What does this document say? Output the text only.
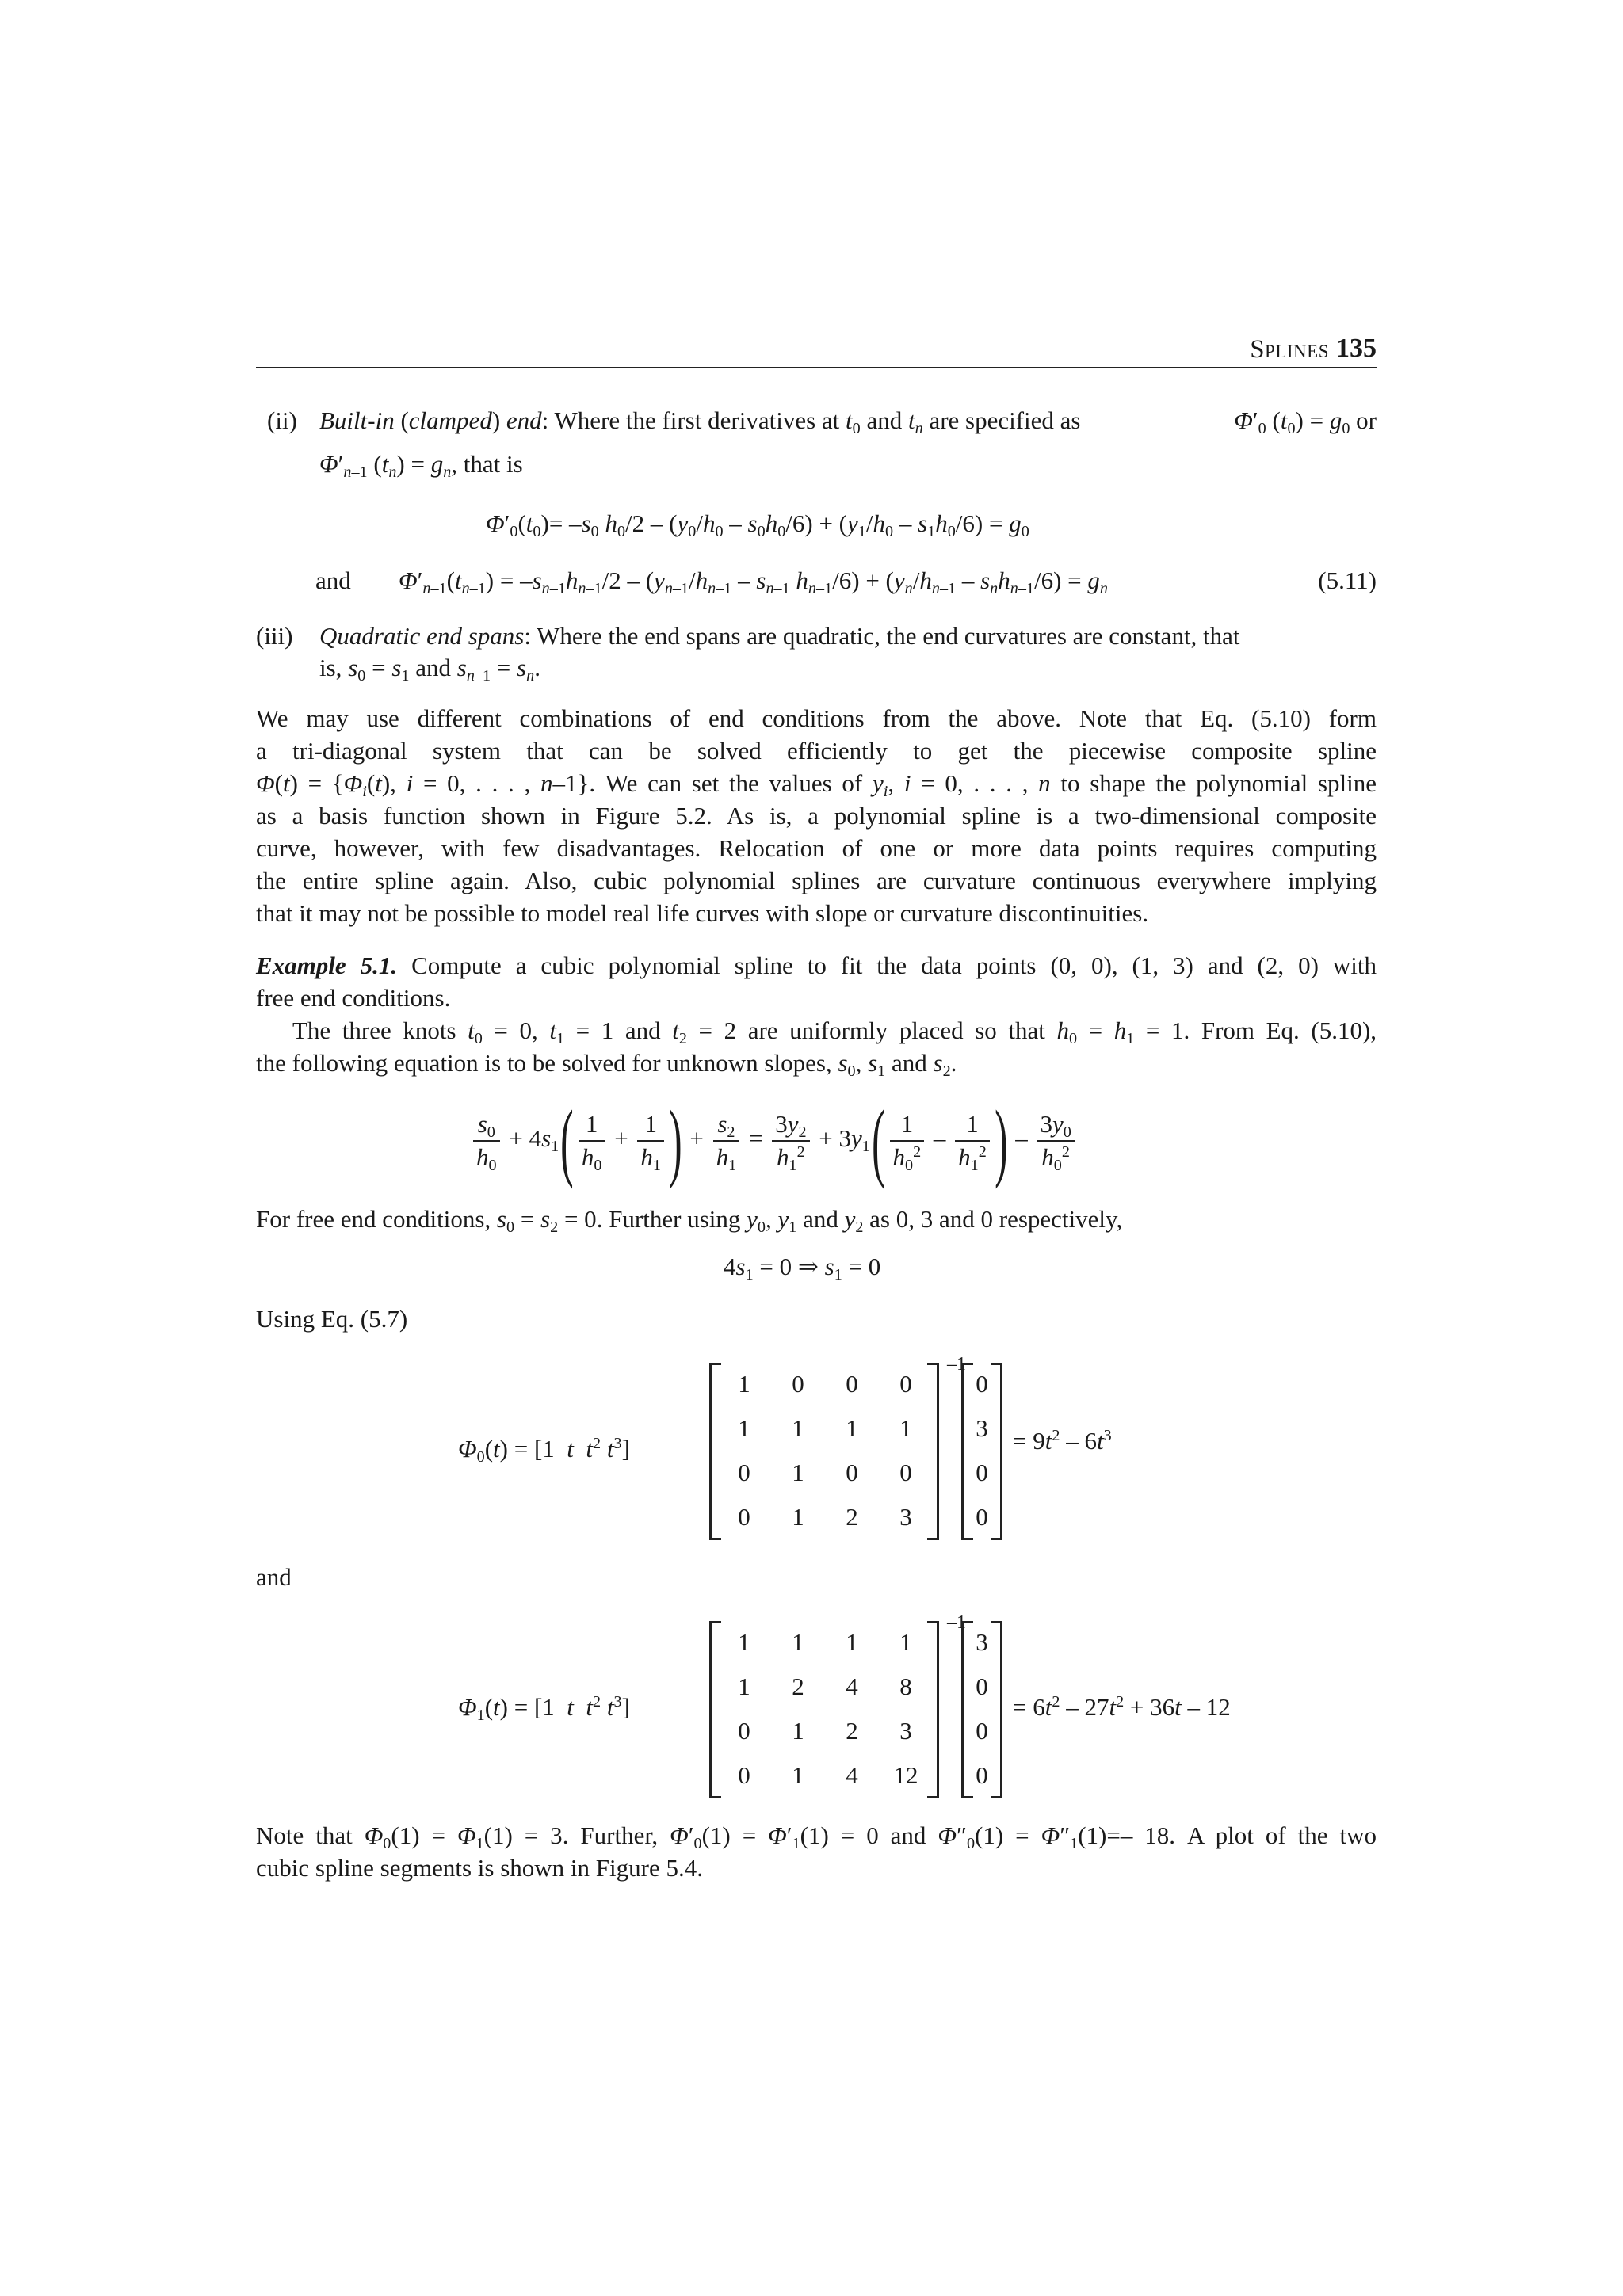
Splines 135
(ii) Built-in (clamped) end: Where the first derivatives at $t_0$ and $t_n$ are specified as	$\Phi'_0$ $(t_0) = g_0$ or
$\Phi'_{n-1}$ $(t_n) = g_n$, that is
$\Phi'_0(t_0)= -s_0$ $h_0/2 - (y_0/h_0 - s_0h_0/6) + (y_1/h_0 - s_1h_0/6) = g_0$
and $\Phi'_{n-1}(t_{n-1}) = -s_{n-1}h_{n-1}/2 - (y_{n-1}/h_{n-1} - s_{n-1}$ $h_{n-1}/6) + (y_n/h_{n-1} - s_nh_{n-1}/6) = g_n$	(5.11)
(iii) Quadratic end spans: Where the end spans are quadratic, the end curvatures are constant, that
is, $s_0 = s_1$ and $s_{n-1} = s_n$.
We may use different combinations of end conditions from the above. Note that Eq. (5.10) form
a tri-diagonal system that can be solved efficiently to get the piecewise composite spline
$\Phi(t) = \{\Phi_i(t)$, i = 0, . . . , n–1}. We can set the values of $y_i$, i = 0, . . . , n to shape the polynomial spline
as a basis function shown in Figure 5.2. As is, a polynomial spline is a two-dimensional composite
curve, however, with few disadvantages. Relocation of one or more data points requires computing
the entire spline again. Also, cubic polynomial splines are curvature continuous everywhere implying
that it may not be possible to model real life curves with slope or curvature discontinuities.
Example 5.1. Compute a cubic polynomial spline to fit the data points (0, 0), (1, 3) and (2, 0) with
free end conditions.
The three knots $t_0 = 0$, $t_1 = 1$ and $t_2 = 2$ are uniformly placed so that $h_0 = h_1 = 1$. From Eq. (5.10),
the following equation is to be solved for unknown slopes, $s_0$, $s_1$ and $s_2$.
$\frac{s_0}{h_0} + 4s_1( \frac{1}{h_0} + \frac{1}{h_1}$ ) + $\frac{s_2}{h_1} = \frac{3y_2}{h_1^2} + 3y_1( \frac{1}{h_0^2} - \frac{1}{h_1^2}$ ) – $\frac{3y_0}{h_0^2}$
For free end conditions, $s_0 = s_2 = 0$. Further using $y_0$, $y_1$ and $y_2$ as 0, 3 and 0 respectively,
$4s_1 = 0$ ⇒ $s_1 = 0$
Using Eq. (5.7)
$\Phi_0(t) = [1$  t $t^2$ $t^3$]
1	0	0	0
1	1	1	1
0	1	0	0
0	1	2	3
–1
0
3
0
0
= $9t^2 - 6t^3$
and
$\Phi_1(t) = [1$  t $t^2$ $t^3$]
1	1	1	1
1	2	4	8
0	1	2	3
0	1	4	12
–1
3
0
0
0
= $6t^2 - 27t^2 + 36t - 12$
Note that $\Phi_0(1) = \Phi_1(1) = 3$. Further, $\Phi'_0(1) = \Phi'_1(1) = 0$ and $\Phi''_0(1) = \Phi''_1(1)=-$ 18. A plot of the two
cubic spline segments is shown in Figure 5.4.
